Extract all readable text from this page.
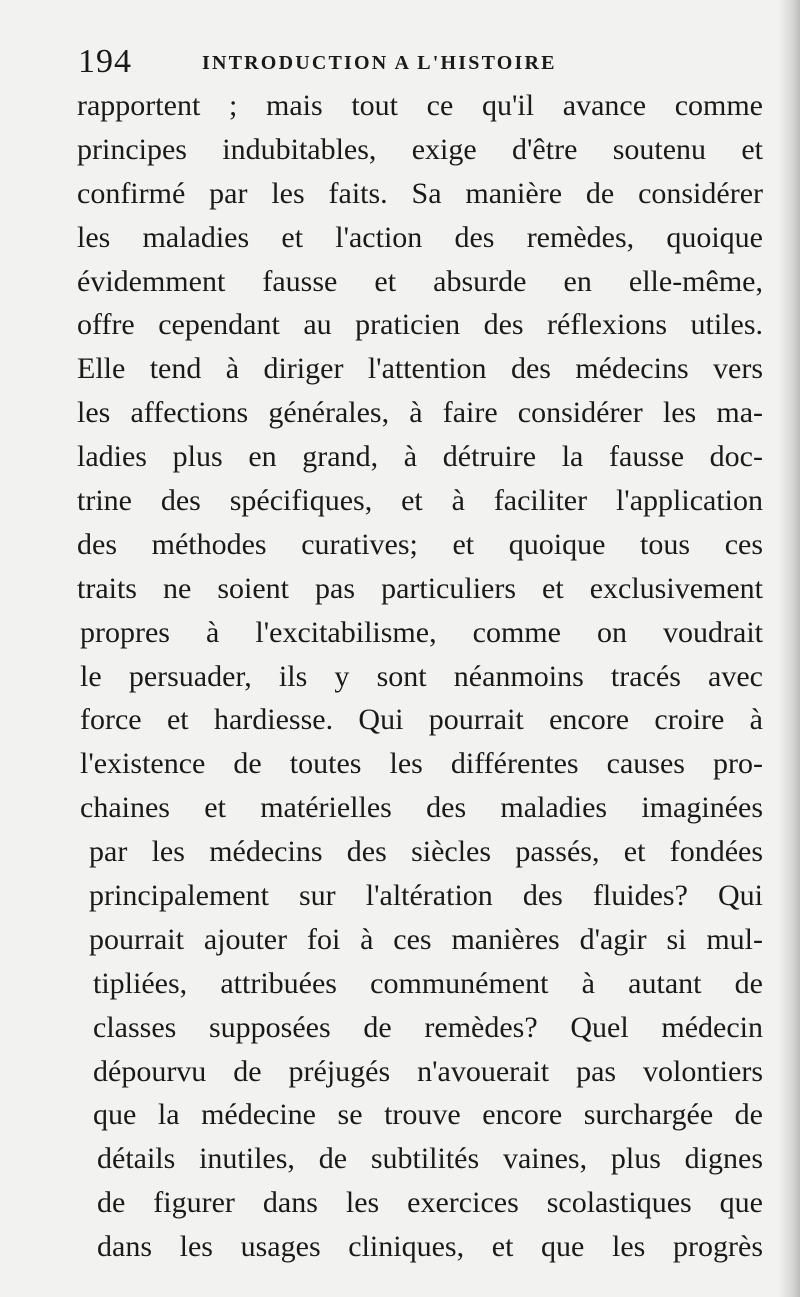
194	INTRODUCTION A L'HISTOIRE
rapportent ; mais tout ce qu'il avance comme
principes indubitables, exige d'être soutenu et
confirmé par les faits. Sa manière de considérer
les maladies et l'action des remèdes, quoique
évidemment fausse et absurde en elle-même,
offre cependant au praticien des réflexions utiles.
Elle tend à diriger l'attention des médecins vers
les affections générales, à faire considérer les ma-
ladies plus en grand, à détruire la fausse doc-
trine des spécifiques, et à faciliter l'application
des méthodes curatives; et quoique tous ces
traits ne soient pas particuliers et exclusivement
propres à l'excitabilisme, comme on voudrait
le persuader, ils y sont néanmoins tracés avec
force et hardiesse. Qui pourrait encore croire à
l'existence de toutes les différentes causes pro-
chaines et matérielles des maladies imaginées
par les médecins des siècles passés, et fondées
principalement sur l'altération des fluides? Qui
pourrait ajouter foi à ces manières d'agir si mul-
tipliées, attribuées communément à autant de
classes supposées de remèdes? Quel médecin
dépourvu de préjugés n'avouerait pas volontiers
que la médecine se trouve encore surchargée de
détails inutiles, de subtilités vaines, plus dignes
de figurer dans les exercices scolastiques que
dans les usages cliniques, et que les progrès
